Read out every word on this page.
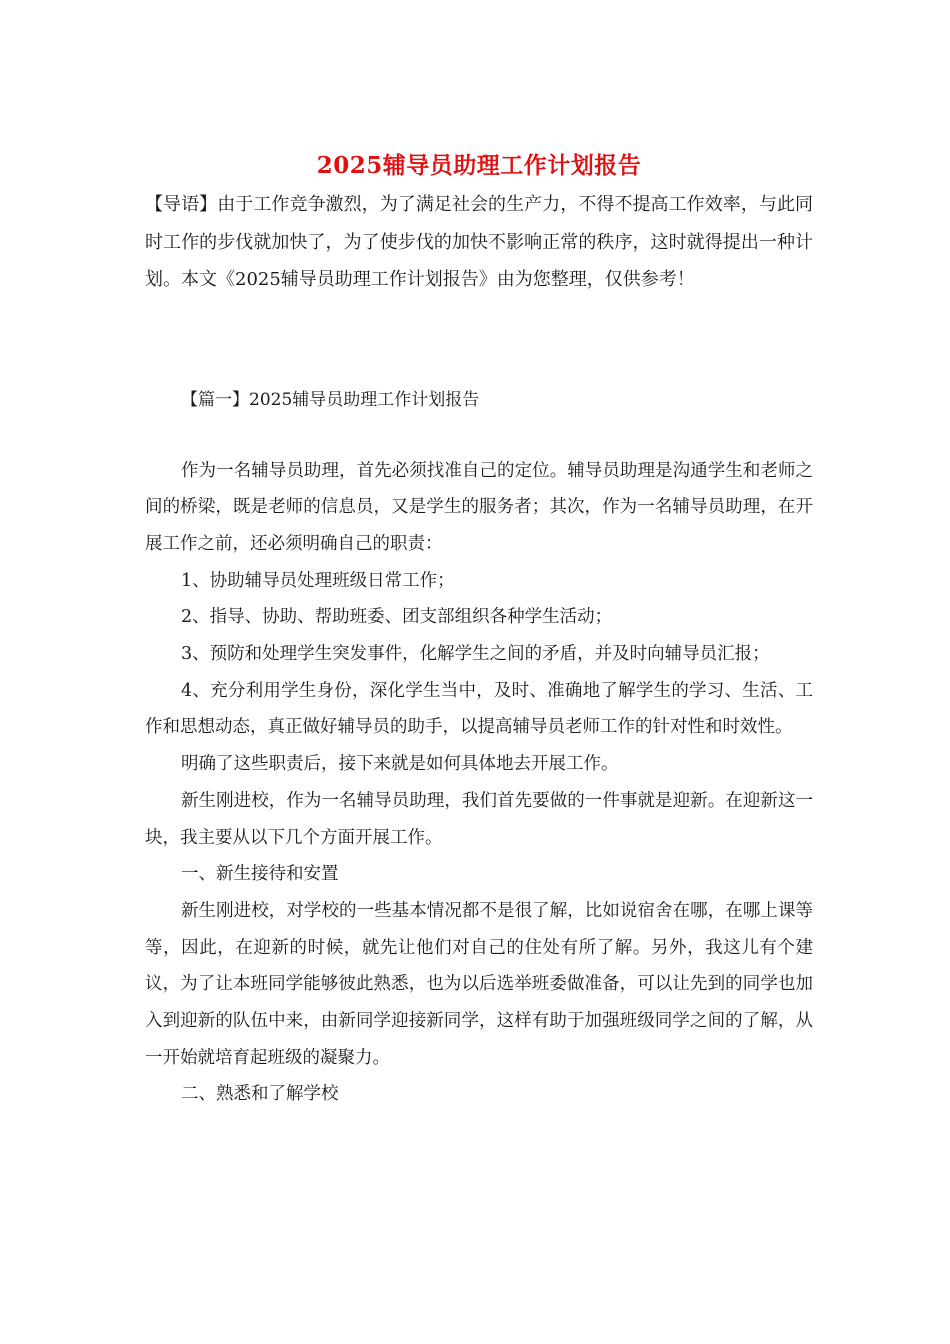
2025辅导员助理工作计划报告

【导语】由于工作竞争激烈，为了满足社会的生产力，不得不提高工作效率，与此同时工作的步伐就加快了，为了使步伐的加快不影响正常的秩序，这时就得提出一种计划。本文《2025辅导员助理工作计划报告》由为您整理，仅供参考！

【篇一】2025辅导员助理工作计划报告

作为一名辅导员助理，首先必须找准自己的定位。辅导员助理是沟通学生和老师之间的桥梁，既是老师的信息员，又是学生的服务者；其次，作为一名辅导员助理，在开展工作之前，还必须明确自己的职责：

1、协助辅导员处理班级日常工作；

2、指导、协助、帮助班委、团支部组织各种学生活动；

3、预防和处理学生突发事件，化解学生之间的矛盾，并及时向辅导员汇报；

4、充分利用学生身份，深化学生当中，及时、准确地了解学生的学习、生活、工作和思想动态，真正做好辅导员的助手，以提高辅导员老师工作的针对性和时效性。

明确了这些职责后，接下来就是如何具体地去开展工作。

新生刚进校，作为一名辅导员助理，我们首先要做的一件事就是迎新。在迎新这一块，我主要从以下几个方面开展工作。

一、新生接待和安置

新生刚进校，对学校的一些基本情况都不是很了解，比如说宿舍在哪，在哪上课等等，因此，在迎新的时候，就先让他们对自己的住处有所了解。另外，我这儿有个建议，为了让本班同学能够彼此熟悉，也为以后选举班委做准备，可以让先到的同学也加入到迎新的队伍中来，由新同学迎接新同学，这样有助于加强班级同学之间的了解，从一开始就培育起班级的凝聚力。

二、熟悉和了解学校
